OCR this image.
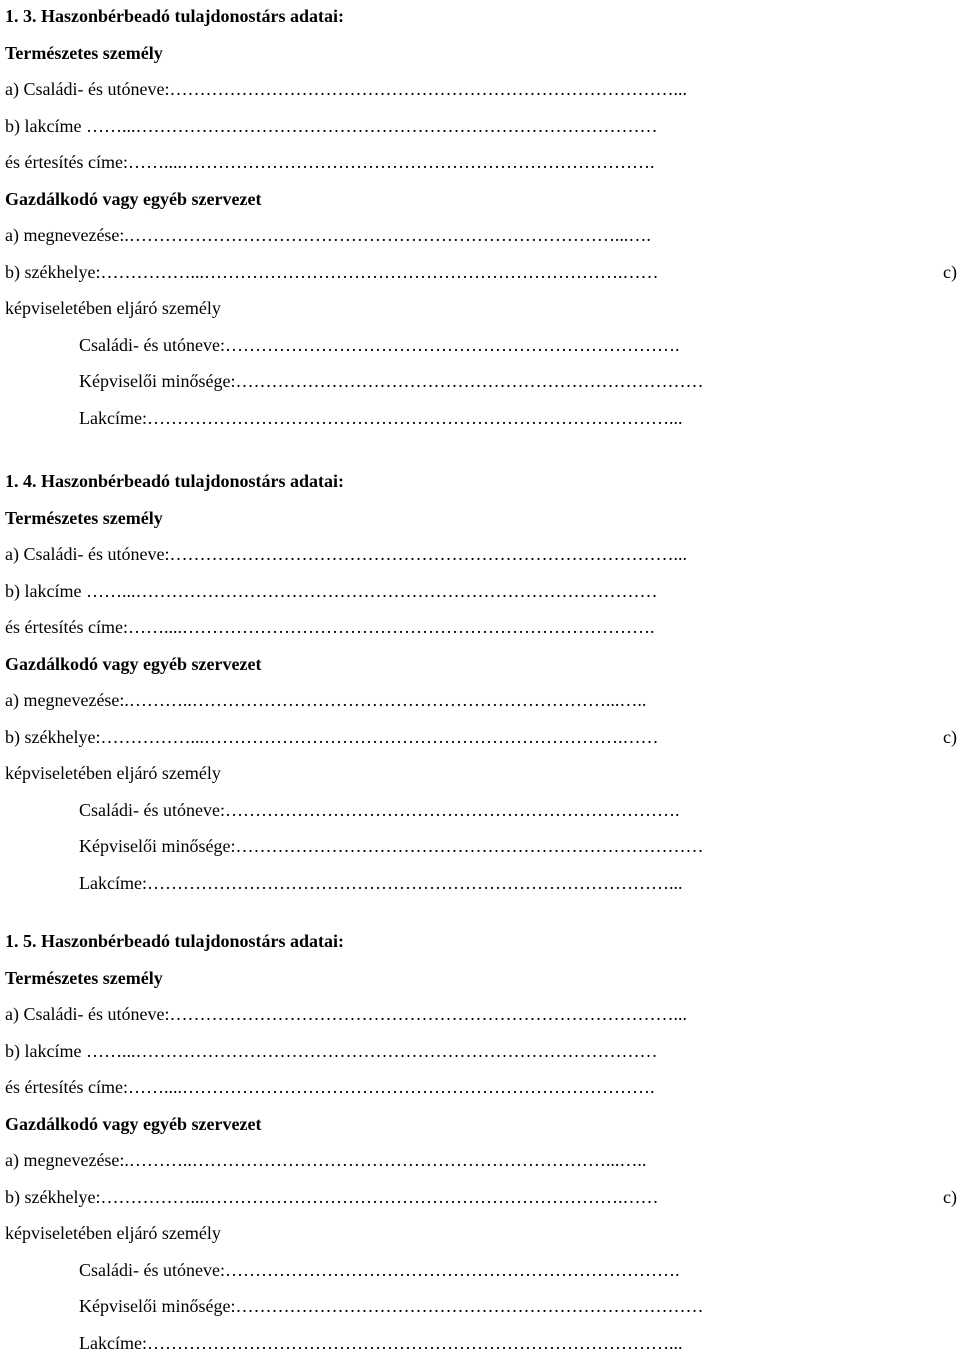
1. 3. Haszonbérbeadó tulajdonostárs adatai:
Természetes személy
a) Családi- és utóneve:…………………………………………………………………………...
b) lakcíme ……...……………………………………………………………………………
és értesítés címe:……....…………………………………………………………………….
Gazdálkodó vagy egyéb szervezet
a) megnevezése:.………………………………………………………………………...….
b) székhelye:……………...…………………………………………………………….……	c)
képviseletében eljáró személy
Családi- és utóneve:………………………………………………………………….
Képviselői minősége:……………………………………………………………………
Lakcíme:……………………………………………………………………………...
1. 4. Haszonbérbeadó tulajdonostárs adatai:
Természetes személy
a) Családi- és utóneve:…………………………………………………………………………...
b) lakcíme ……...……………………………………………………………………………
és értesítés címe:……....…………………………………………………………………….
Gazdálkodó vagy egyéb szervezet
a) megnevezése:.………..……………………………………………………………...…..
b) székhelye:……………...…………………………………………………………….……	c)
képviseletében eljáró személy
Családi- és utóneve:………………………………………………………………….
Képviselői minősége:……………………………………………………………………
Lakcíme:……………………………………………………………………………...
1. 5. Haszonbérbeadó tulajdonostárs adatai:
Természetes személy
a) Családi- és utóneve:…………………………………………………………………………...
b) lakcíme ……...……………………………………………………………………………
és értesítés címe:……....…………………………………………………………………….
Gazdálkodó vagy egyéb szervezet
a) megnevezése:.………..……………………………………………………………...…..
b) székhelye:……………...…………………………………………………………….……	c)
képviseletében eljáró személy
Családi- és utóneve:………………………………………………………………….
Képviselői minősége:……………………………………………………………………
Lakcíme:……………………………………………………………………………...
